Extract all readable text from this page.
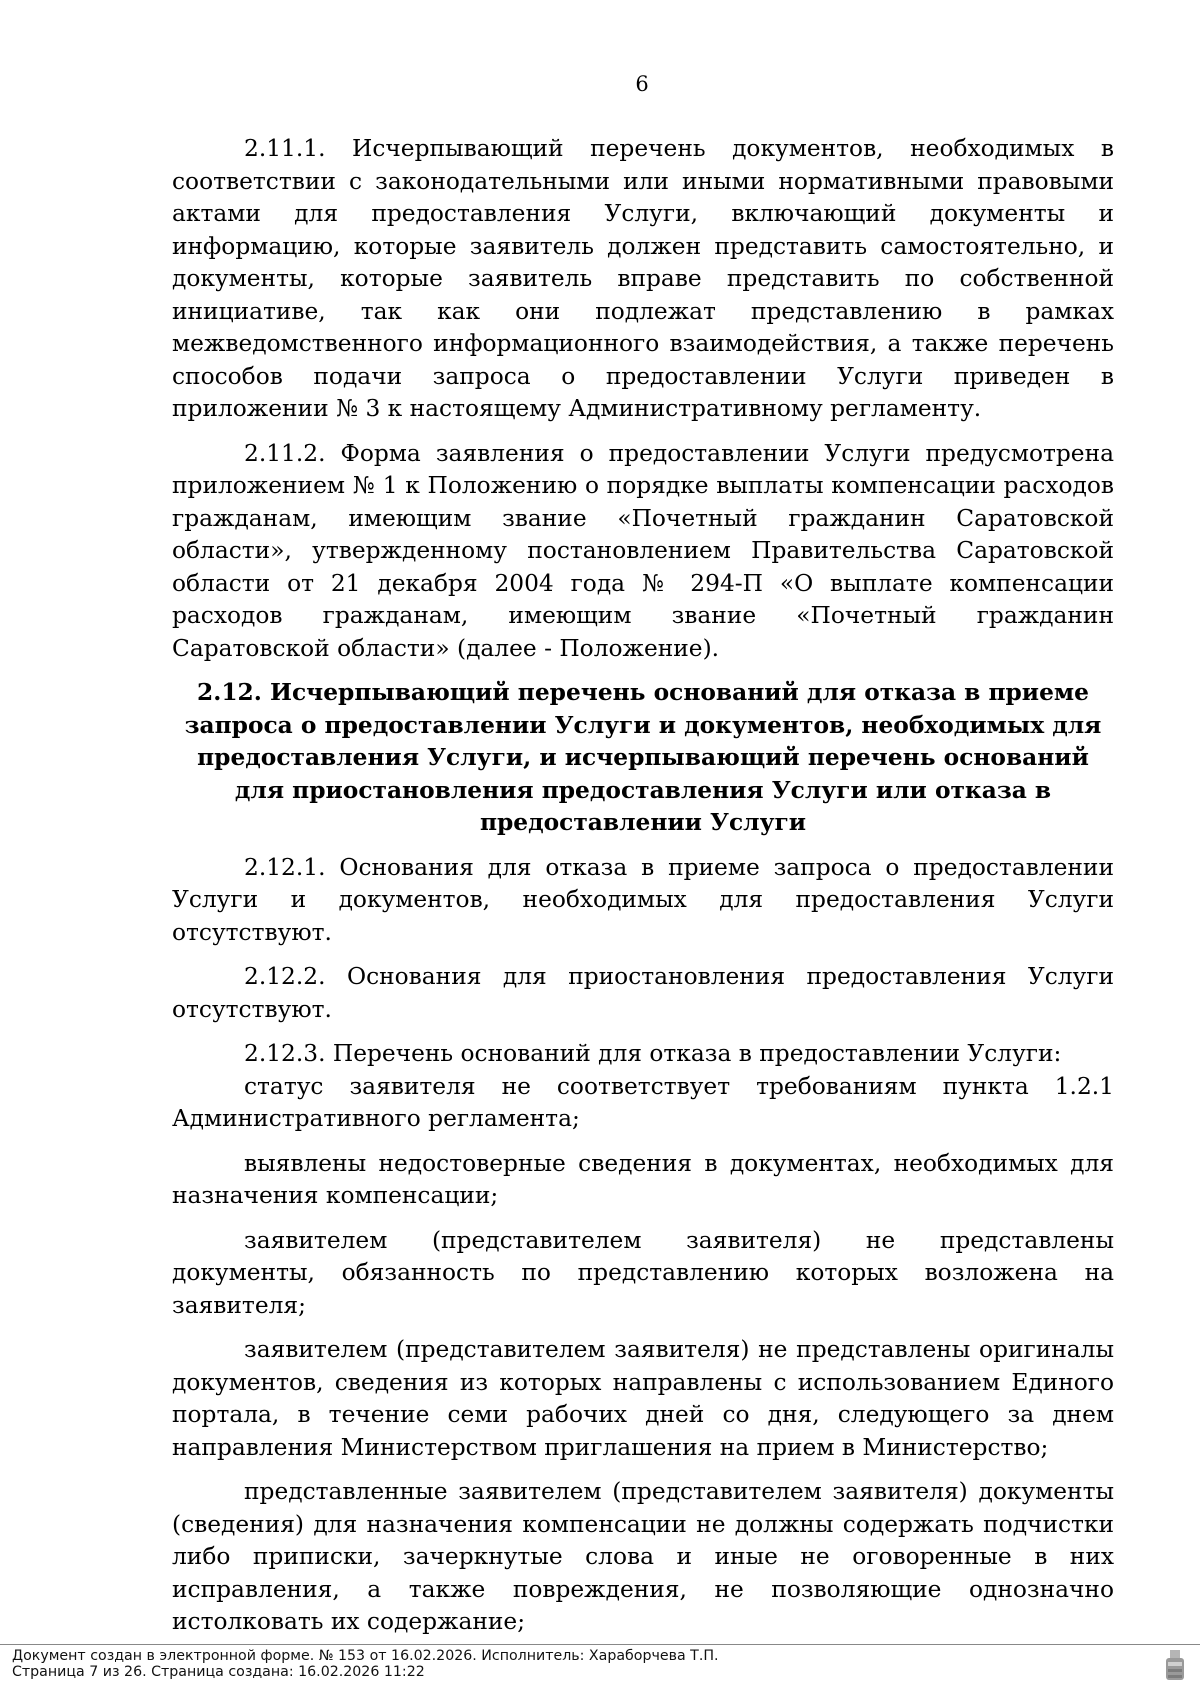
6

2.11.1. Исчерпывающий перечень документов, необходимых в соответствии с законодательными или иными нормативными правовыми актами для предоставления Услуги, включающий документы и информацию, которые заявитель должен представить самостоятельно, и документы, которые заявитель вправе представить по собственной инициативе, так как они подлежат представлению в рамках межведомственного информационного взаимодействия, а также перечень способов подачи запроса о предоставлении Услуги приведен в приложении № 3 к настоящему Административному регламенту.

2.11.2. Форма заявления о предоставлении Услуги предусмотрена приложением № 1 к Положению о порядке выплаты компенсации расходов гражданам, имеющим звание «Почетный гражданин Саратовской области», утвержденному постановлением Правительства Саратовской области от 21 декабря 2004 года № 294-П «О выплате компенсации расходов гражданам, имеющим звание «Почетный гражданин Саратовской области» (далее - Положение).

2.12. Исчерпывающий перечень оснований для отказа в приеме запроса о предоставлении Услуги и документов, необходимых для предоставления Услуги, и исчерпывающий перечень оснований для приостановления предоставления Услуги или отказа в предоставлении Услуги

2.12.1. Основания для отказа в приеме запроса о предоставлении Услуги и документов, необходимых для предоставления Услуги отсутствуют.

2.12.2. Основания для приостановления предоставления Услуги отсутствуют.

2.12.3. Перечень оснований для отказа в предоставлении Услуги:

статус заявителя не соответствует требованиям пункта 1.2.1 Административного регламента;

выявлены недостоверные сведения в документах, необходимых для назначения компенсации;

заявителем (представителем заявителя) не представлены документы, обязанность по представлению которых возложена на заявителя;

заявителем (представителем заявителя) не представлены оригиналы документов, сведения из которых направлены с использованием Единого портала, в течение семи рабочих дней со дня, следующего за днем направления Министерством приглашения на прием в Министерство;

представленные заявителем (представителем заявителя) документы (сведения) для назначения компенсации не должны содержать подчистки либо приписки, зачеркнутые слова и иные не оговоренные в них исправления, а также повреждения, не позволяющие однозначно истолковать их содержание;

Документ создан в электронной форме. № 153 от 16.02.2026. Исполнитель: Хараборчева Т.П.
Страница 7 из 26. Страница создана: 16.02.2026 11:22
